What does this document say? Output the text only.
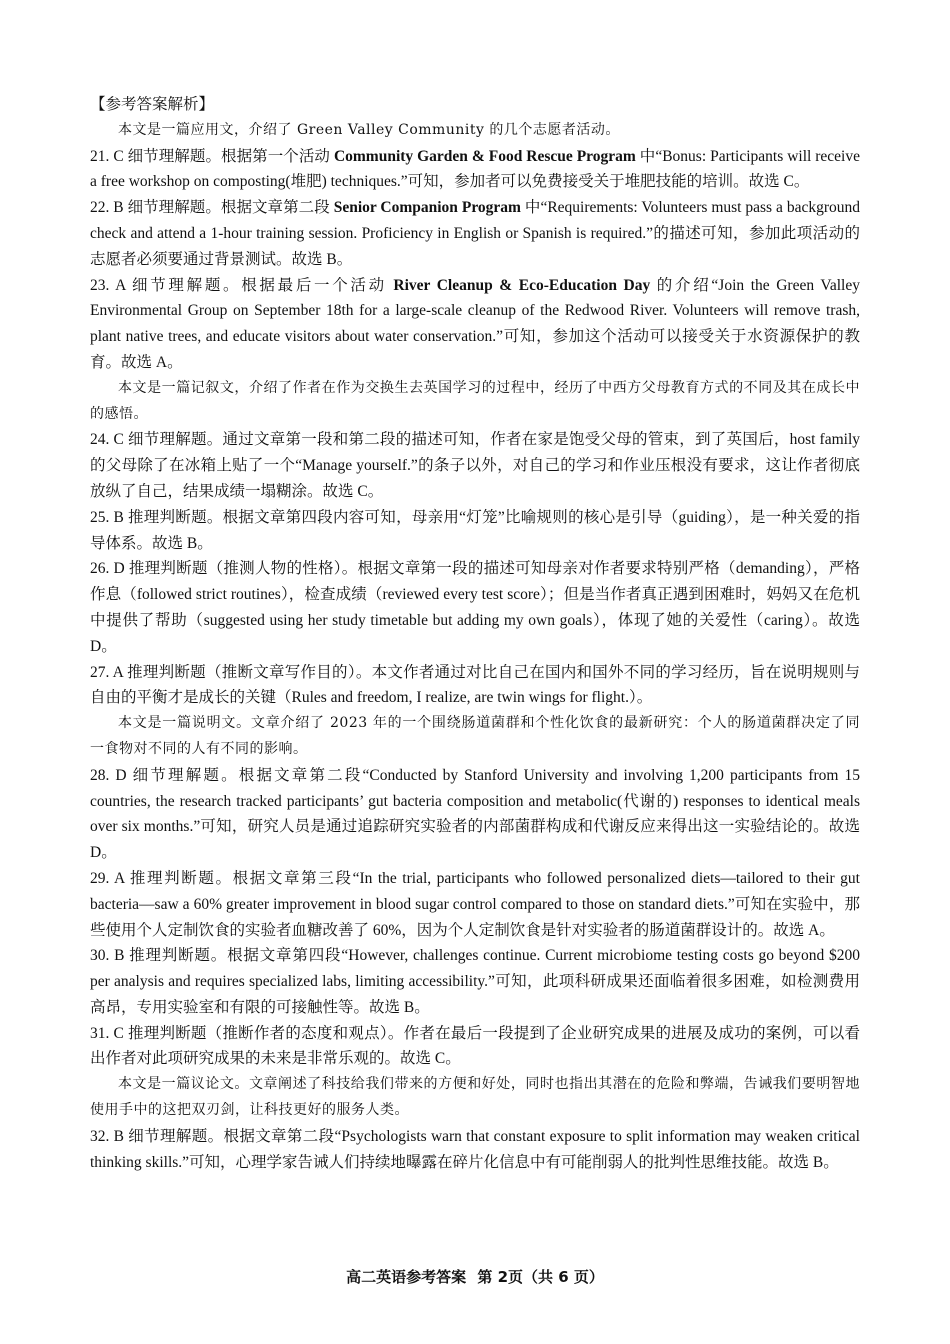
【参考答案解析】

本文是一篇应用文，介绍了 Green Valley Community 的几个志愿者活动。

21. C 细节理解题。根据第一个活动 Community Garden & Food Rescue Program 中“Bonus: Participants will receive a free workshop on composting(堆肥) techniques.”可知，参加者可以免费接受关于堆肥技能的培训。故选 C。

22. B 细节理解题。根据文章第二段 Senior Companion Program 中“Requirements: Volunteers must pass a background check and attend a 1-hour training session. Proficiency in English or Spanish is required.”的描述可知，参加此项活动的志愿者必须要通过背景测试。故选 B。

23. A 细节理解题。根据最后一个活动 River Cleanup & Eco-Education Day 的介绍“Join the Green Valley Environmental Group on September 18th for a large-scale cleanup of the Redwood River. Volunteers will remove trash, plant native trees, and educate visitors about water conservation.”可知，参加这个活动可以接受关于水资源保护的教育。故选 A。

本文是一篇记叙文，介绍了作者在作为交换生去英国学习的过程中，经历了中西方父母教育方式的不同及其在成长中的感悟。

24. C 细节理解题。通过文章第一段和第二段的描述可知，作者在家是饱受父母的管束，到了英国后，host family 的父母除了在冰箱上贴了一个“Manage yourself.”的条子以外，对自己的学习和作业压根没有要求，这让作者彻底放纵了自己，结果成绩一塌糊涂。故选 C。

25. B 推理判断题。根据文章第四段内容可知，母亲用“灯笼”比喻规则的核心是引导（guiding），是一种关爱的指导体系。故选 B。

26. D 推理判断题（推测人物的性格）。根据文章第一段的描述可知母亲对作者要求特别严格（demanding），严格作息（followed strict routines），检查成绩（reviewed every test score）；但是当作者真正遇到困难时，妈妈又在危机中提供了帮助（suggested using her study timetable but adding my own goals），体现了她的关爱性（caring）。故选 D。

27. A 推理判断题（推断文章写作目的）。本文作者通过对比自己在国内和国外不同的学习经历，旨在说明规则与自由的平衡才是成长的关键（Rules and freedom, I realize, are twin wings for flight.）。

本文是一篇说明文。文章介绍了 2023 年的一个围绕肠道菌群和个性化饮食的最新研究：个人的肠道菌群决定了同一食物对不同的人有不同的影响。

28. D 细节理解题。根据文章第二段“Conducted by Stanford University and involving 1,200 participants from 15 countries, the research tracked participants’ gut bacteria composition and metabolic(代谢的) responses to identical meals over six months.”可知，研究人员是通过追踪研究实验者的内部菌群构成和代谢反应来得出这一实验结论的。故选 D。

29. A 推理判断题。根据文章第三段“In the trial, participants who followed personalized diets—tailored to their gut bacteria—saw a 60% greater improvement in blood sugar control compared to those on standard diets.”可知在实验中，那些使用个人定制饮食的实验者血糖改善了 60%，因为个人定制饮食是针对实验者的肠道菌群设计的。故选 A。

30. B 推理判断题。根据文章第四段“However, challenges continue. Current microbiome testing costs go beyond $200 per analysis and requires specialized labs, limiting accessibility.”可知，此项科研成果还面临着很多困难，如检测费用高昂，专用实验室和有限的可接触性等。故选 B。

31. C 推理判断题（推断作者的态度和观点）。作者在最后一段提到了企业研究成果的进展及成功的案例，可以看出作者对此项研究成果的未来是非常乐观的。故选 C。

本文是一篇议论文。文章阐述了科技给我们带来的方便和好处，同时也指出其潜在的危险和弊端，告诫我们要明智地使用手中的这把双刃剑，让科技更好的服务人类。

32. B 细节理解题。根据文章第二段“Psychologists warn that constant exposure to split information may weaken critical thinking skills.”可知，心理学家告诫人们持续地曝露在碎片化信息中有可能削弱人的批判性思维技能。故选 B。

高二英语参考答案 第 2页（共 6 页）
